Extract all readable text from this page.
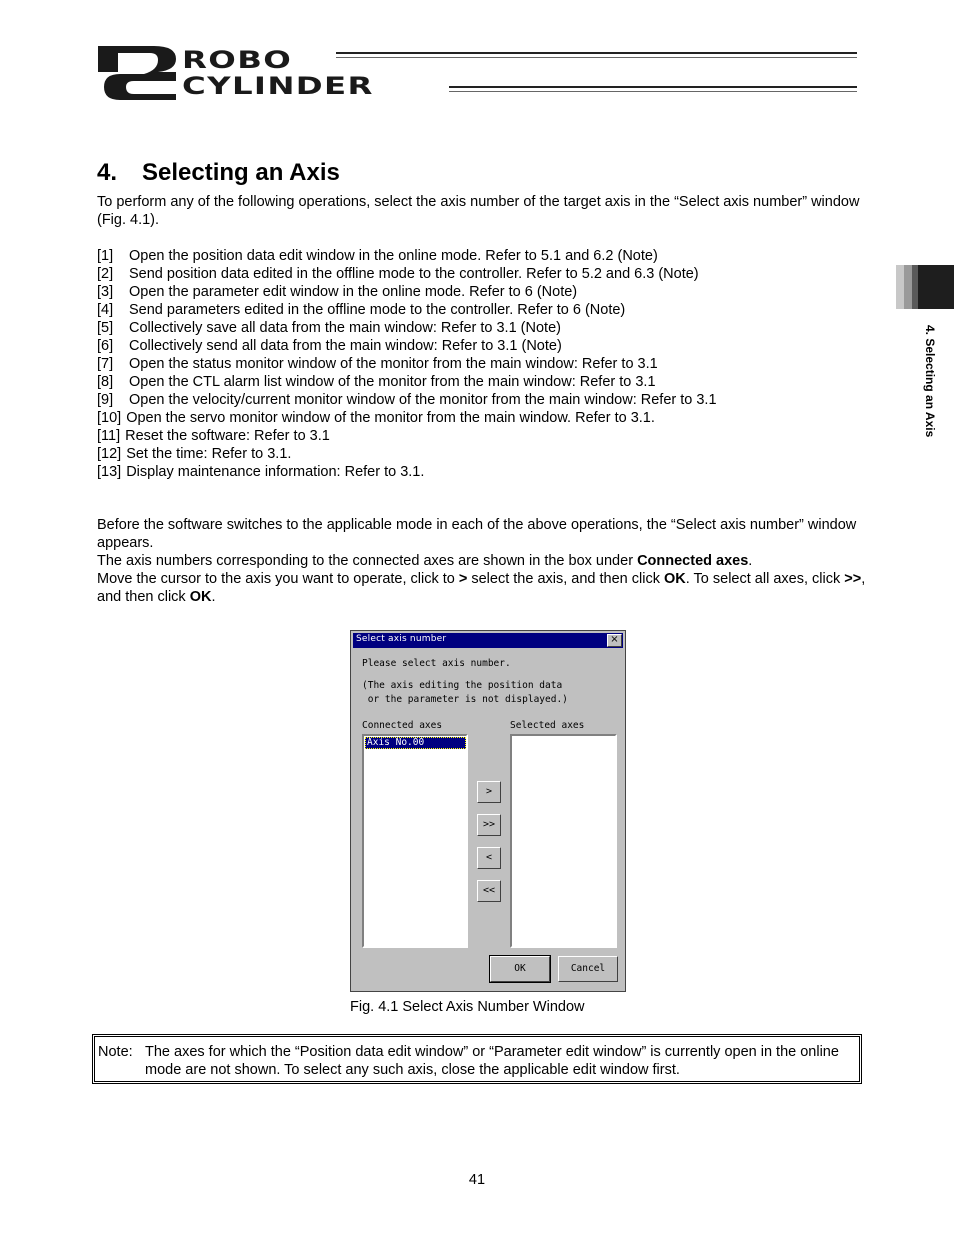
ROBO
CYLINDER
4. Selecting an Axis
4. Selecting an Axis

To perform any of the following operations, select the axis number of the target axis in the “Select axis number” window (Fig. 4.1).

[1] Open the position data edit window in the online mode. Refer to 5.1 and 6.2 (Note)
[2] Send position data edited in the offline mode to the controller. Refer to 5.2 and 6.3 (Note)
[3] Open the parameter edit window in the online mode. Refer to 6 (Note)
[4] Send parameters edited in the offline mode to the controller. Refer to 6 (Note)
[5] Collectively save all data from the main window: Refer to 3.1 (Note)
[6] Collectively send all data from the main window: Refer to 3.1 (Note)
[7] Open the status monitor window of the monitor from the main window: Refer to 3.1
[8] Open the CTL alarm list window of the monitor from the main window: Refer to 3.1
[9] Open the velocity/current monitor window of the monitor from the main window: Refer to 3.1
[10] Open the servo monitor window of the monitor from the main window. Refer to 3.1.
[11] Reset the software: Refer to 3.1
[12] Set the time: Refer to 3.1.
[13] Display maintenance information: Refer to 3.1.
Before the software switches to the applicable mode in each of the above operations, the “Select axis number” window appears.
The axis numbers corresponding to the connected axes are shown in the box under Connected axes.
Move the cursor to the axis you want to operate, click to > select the axis, and then click OK. To select all axes, click >>, and then click OK.
Select axis number	×
Please select axis number.
(The axis editing the position data
or the parameter is not displayed.)
Connected axes	Selected axes
Axis No.00
>
>>
<
<<
OK	Cancel
Fig. 4.1 Select Axis Number Window
Note: The axes for which the “Position data edit window” or “Parameter edit window” is currently open in the online mode are not shown. To select any such axis, close the applicable edit window first.
41
